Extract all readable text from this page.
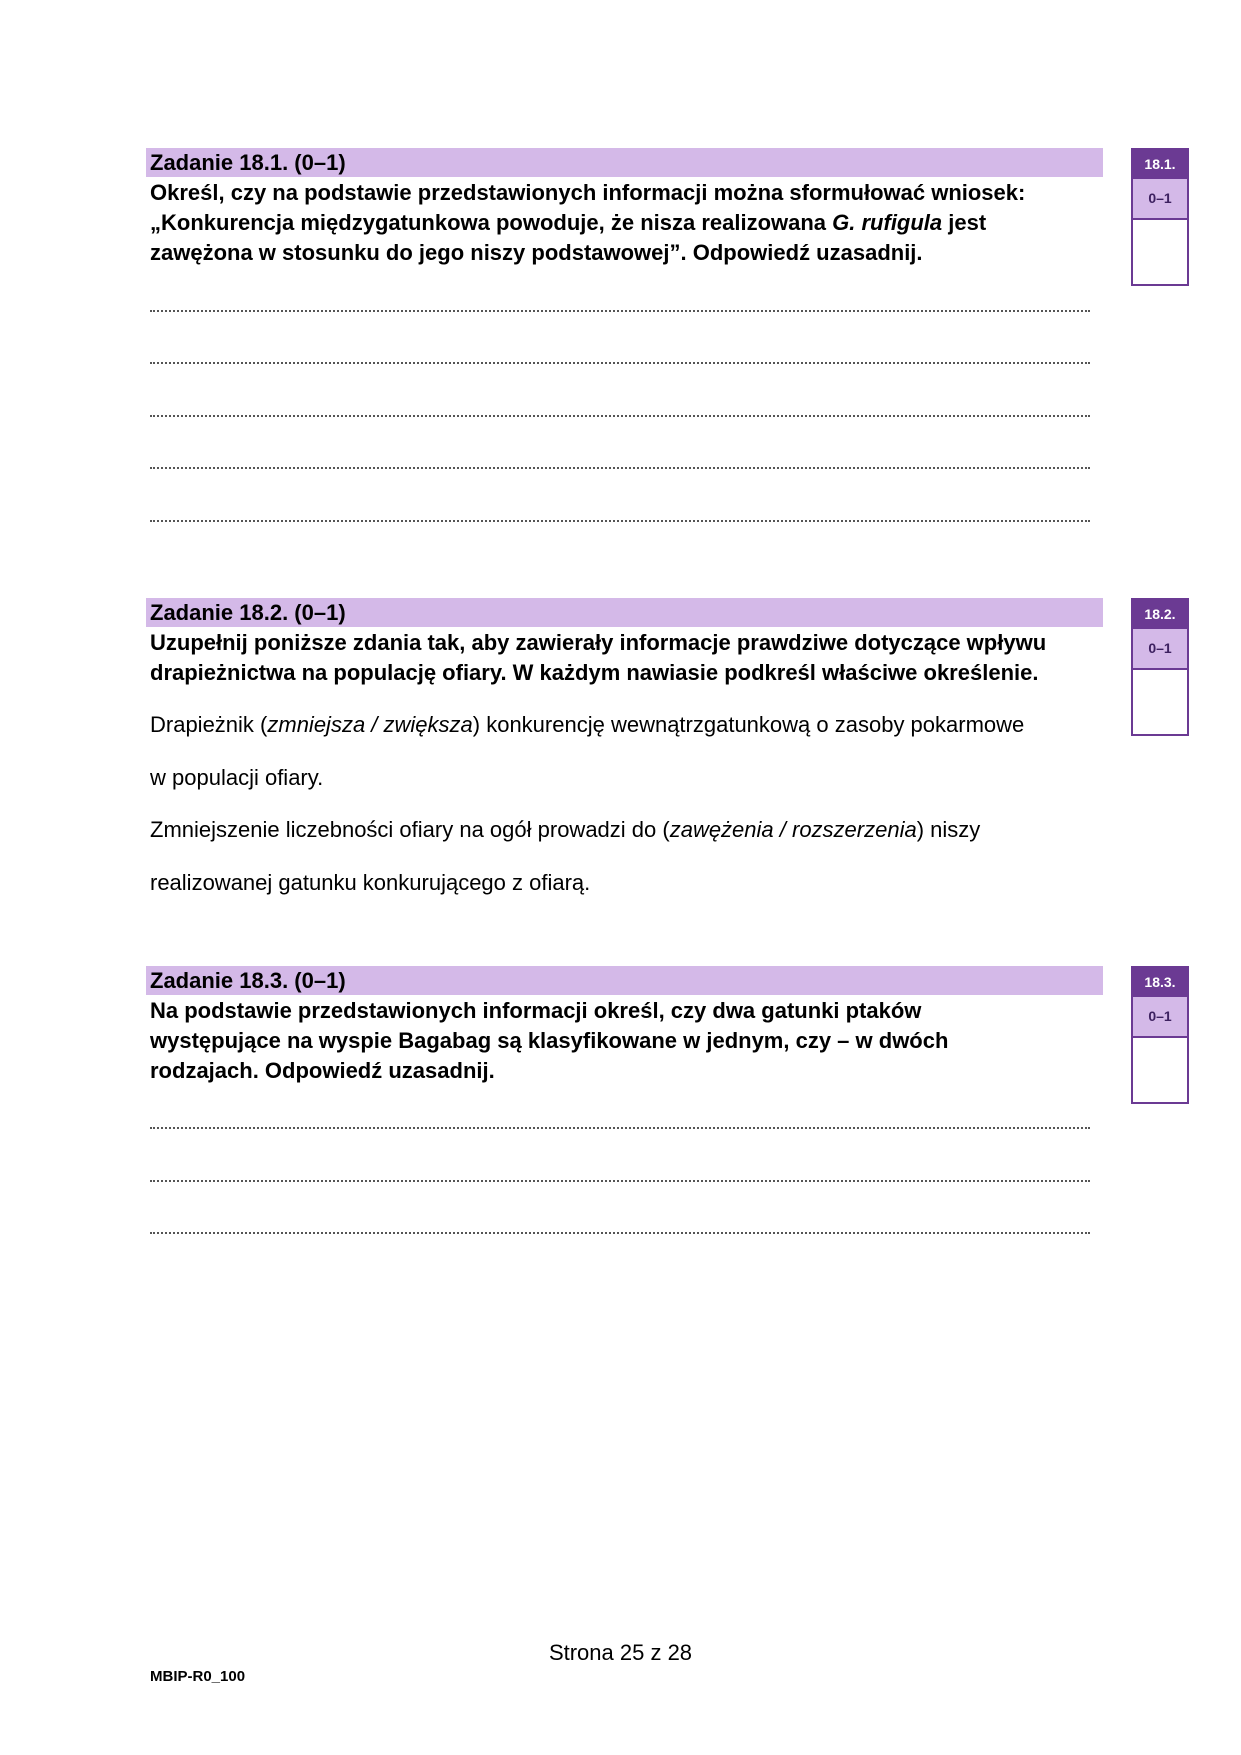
Zadanie 18.1. (0–1)

Określ, czy na podstawie przedstawionych informacji można sformułować wniosek: „Konkurencja międzygatunkowa powoduje, że nisza realizowana G. rufigula jest zawężona w stosunku do jego niszy podstawowej”. Odpowiedź uzasadnij.

18.1.
0–1
Zadanie 18.2. (0–1)

Uzupełnij poniższe zdania tak, aby zawierały informacje prawdziwe dotyczące wpływu drapieżnictwa na populację ofiary. W każdym nawiasie podkreśl właściwe określenie.

Drapieżnik (zmniejsza / zwiększa) konkurencję wewnątrzgatunkową o zasoby pokarmowe

w populacji ofiary.

Zmniejszenie liczebności ofiary na ogół prowadzi do (zawężenia / rozszerzenia) niszy

realizowanej gatunku konkurującego z ofiarą.

18.2.
0–1
Zadanie 18.3. (0–1)

Na podstawie przedstawionych informacji określ, czy dwa gatunki ptaków
występujące na wyspie Bagabag są klasyfikowane w jednym, czy – w dwóch
rodzajach. Odpowiedź uzasadnij.

18.3.
0–1
Strona 25 z 28
MBIP-R0_100
